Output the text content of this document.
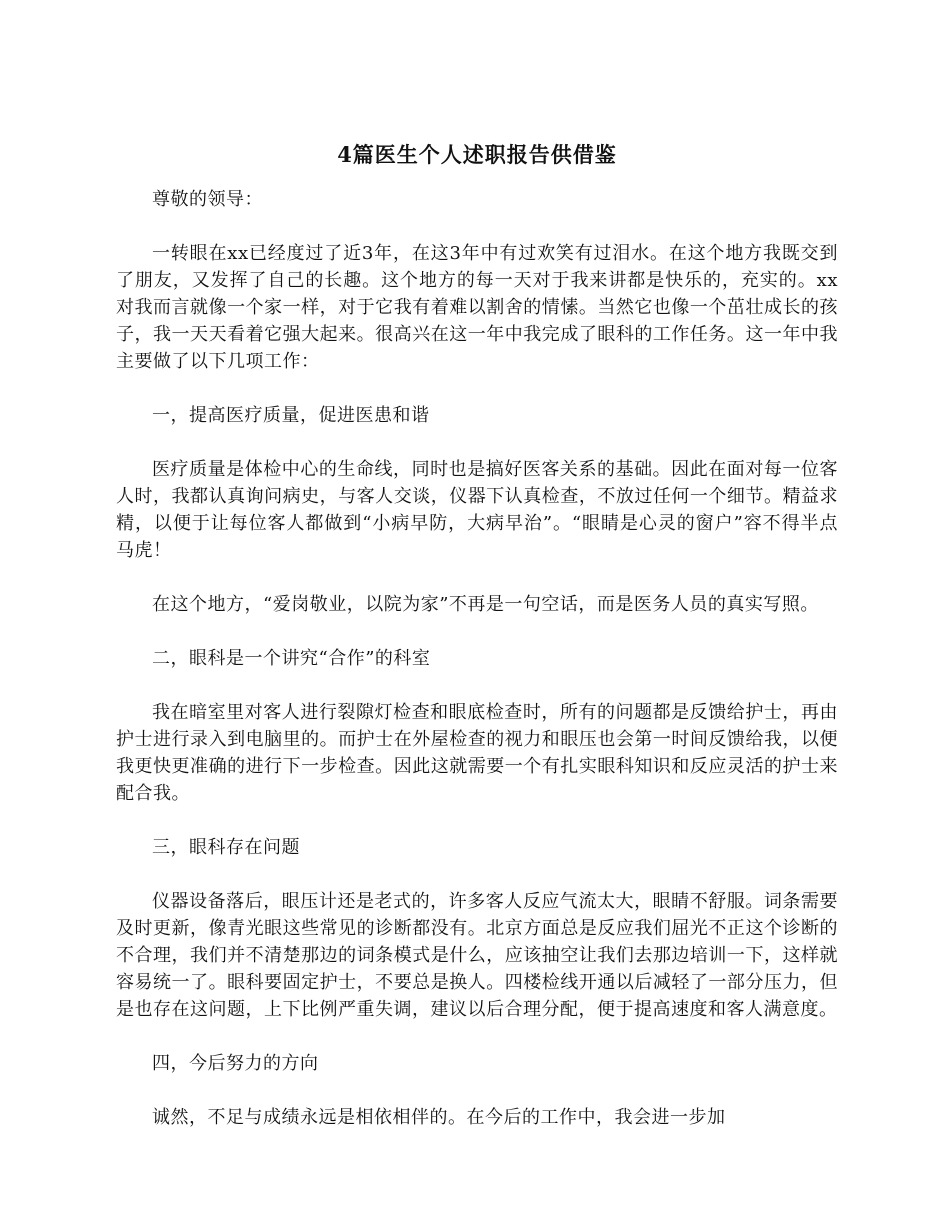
4篇医生个人述职报告供借鉴
尊敬的领导：
一转眼在xx已经度过了近3年，在这3年中有过欢笑有过泪水。在这个地方我既交到了朋友，又发挥了自己的长趣。这个地方的每一天对于我来讲都是快乐的，充实的。xx对我而言就像一个家一样，对于它我有着难以割舍的情愫。当然它也像一个茁壮成长的孩子，我一天天看着它强大起来。很高兴在这一年中我完成了眼科的工作任务。这一年中我主要做了以下几项工作：
一，提高医疗质量，促进医患和谐
医疗质量是体检中心的生命线，同时也是搞好医客关系的基础。因此在面对每一位客人时，我都认真询问病史，与客人交谈，仪器下认真检查，不放过任何一个细节。精益求精，以便于让每位客人都做到“小病早防，大病早治”。“眼睛是心灵的窗户”容不得半点马虎！
在这个地方，“爱岗敬业，以院为家”不再是一句空话，而是医务人员的真实写照。
二，眼科是一个讲究“合作”的科室
我在暗室里对客人进行裂隙灯检查和眼底检查时，所有的问题都是反馈给护士，再由护士进行录入到电脑里的。而护士在外屋检查的视力和眼压也会第一时间反馈给我，以便我更快更准确的进行下一步检查。因此这就需要一个有扎实眼科知识和反应灵活的护士来配合我。
三，眼科存在问题
仪器设备落后，眼压计还是老式的，许多客人反应气流太大，眼睛不舒服。词条需要及时更新，像青光眼这些常见的诊断都没有。北京方面总是反应我们屈光不正这个诊断的不合理，我们并不清楚那边的词条模式是什么，应该抽空让我们去那边培训一下，这样就容易统一了。眼科要固定护士，不要总是换人。四楼检线开通以后减轻了一部分压力，但是也存在这问题，上下比例严重失调，建议以后合理分配，便于提高速度和客人满意度。
四，今后努力的方向
诚然，不足与成绩永远是相依相伴的。在今后的工作中，我会进一步加
